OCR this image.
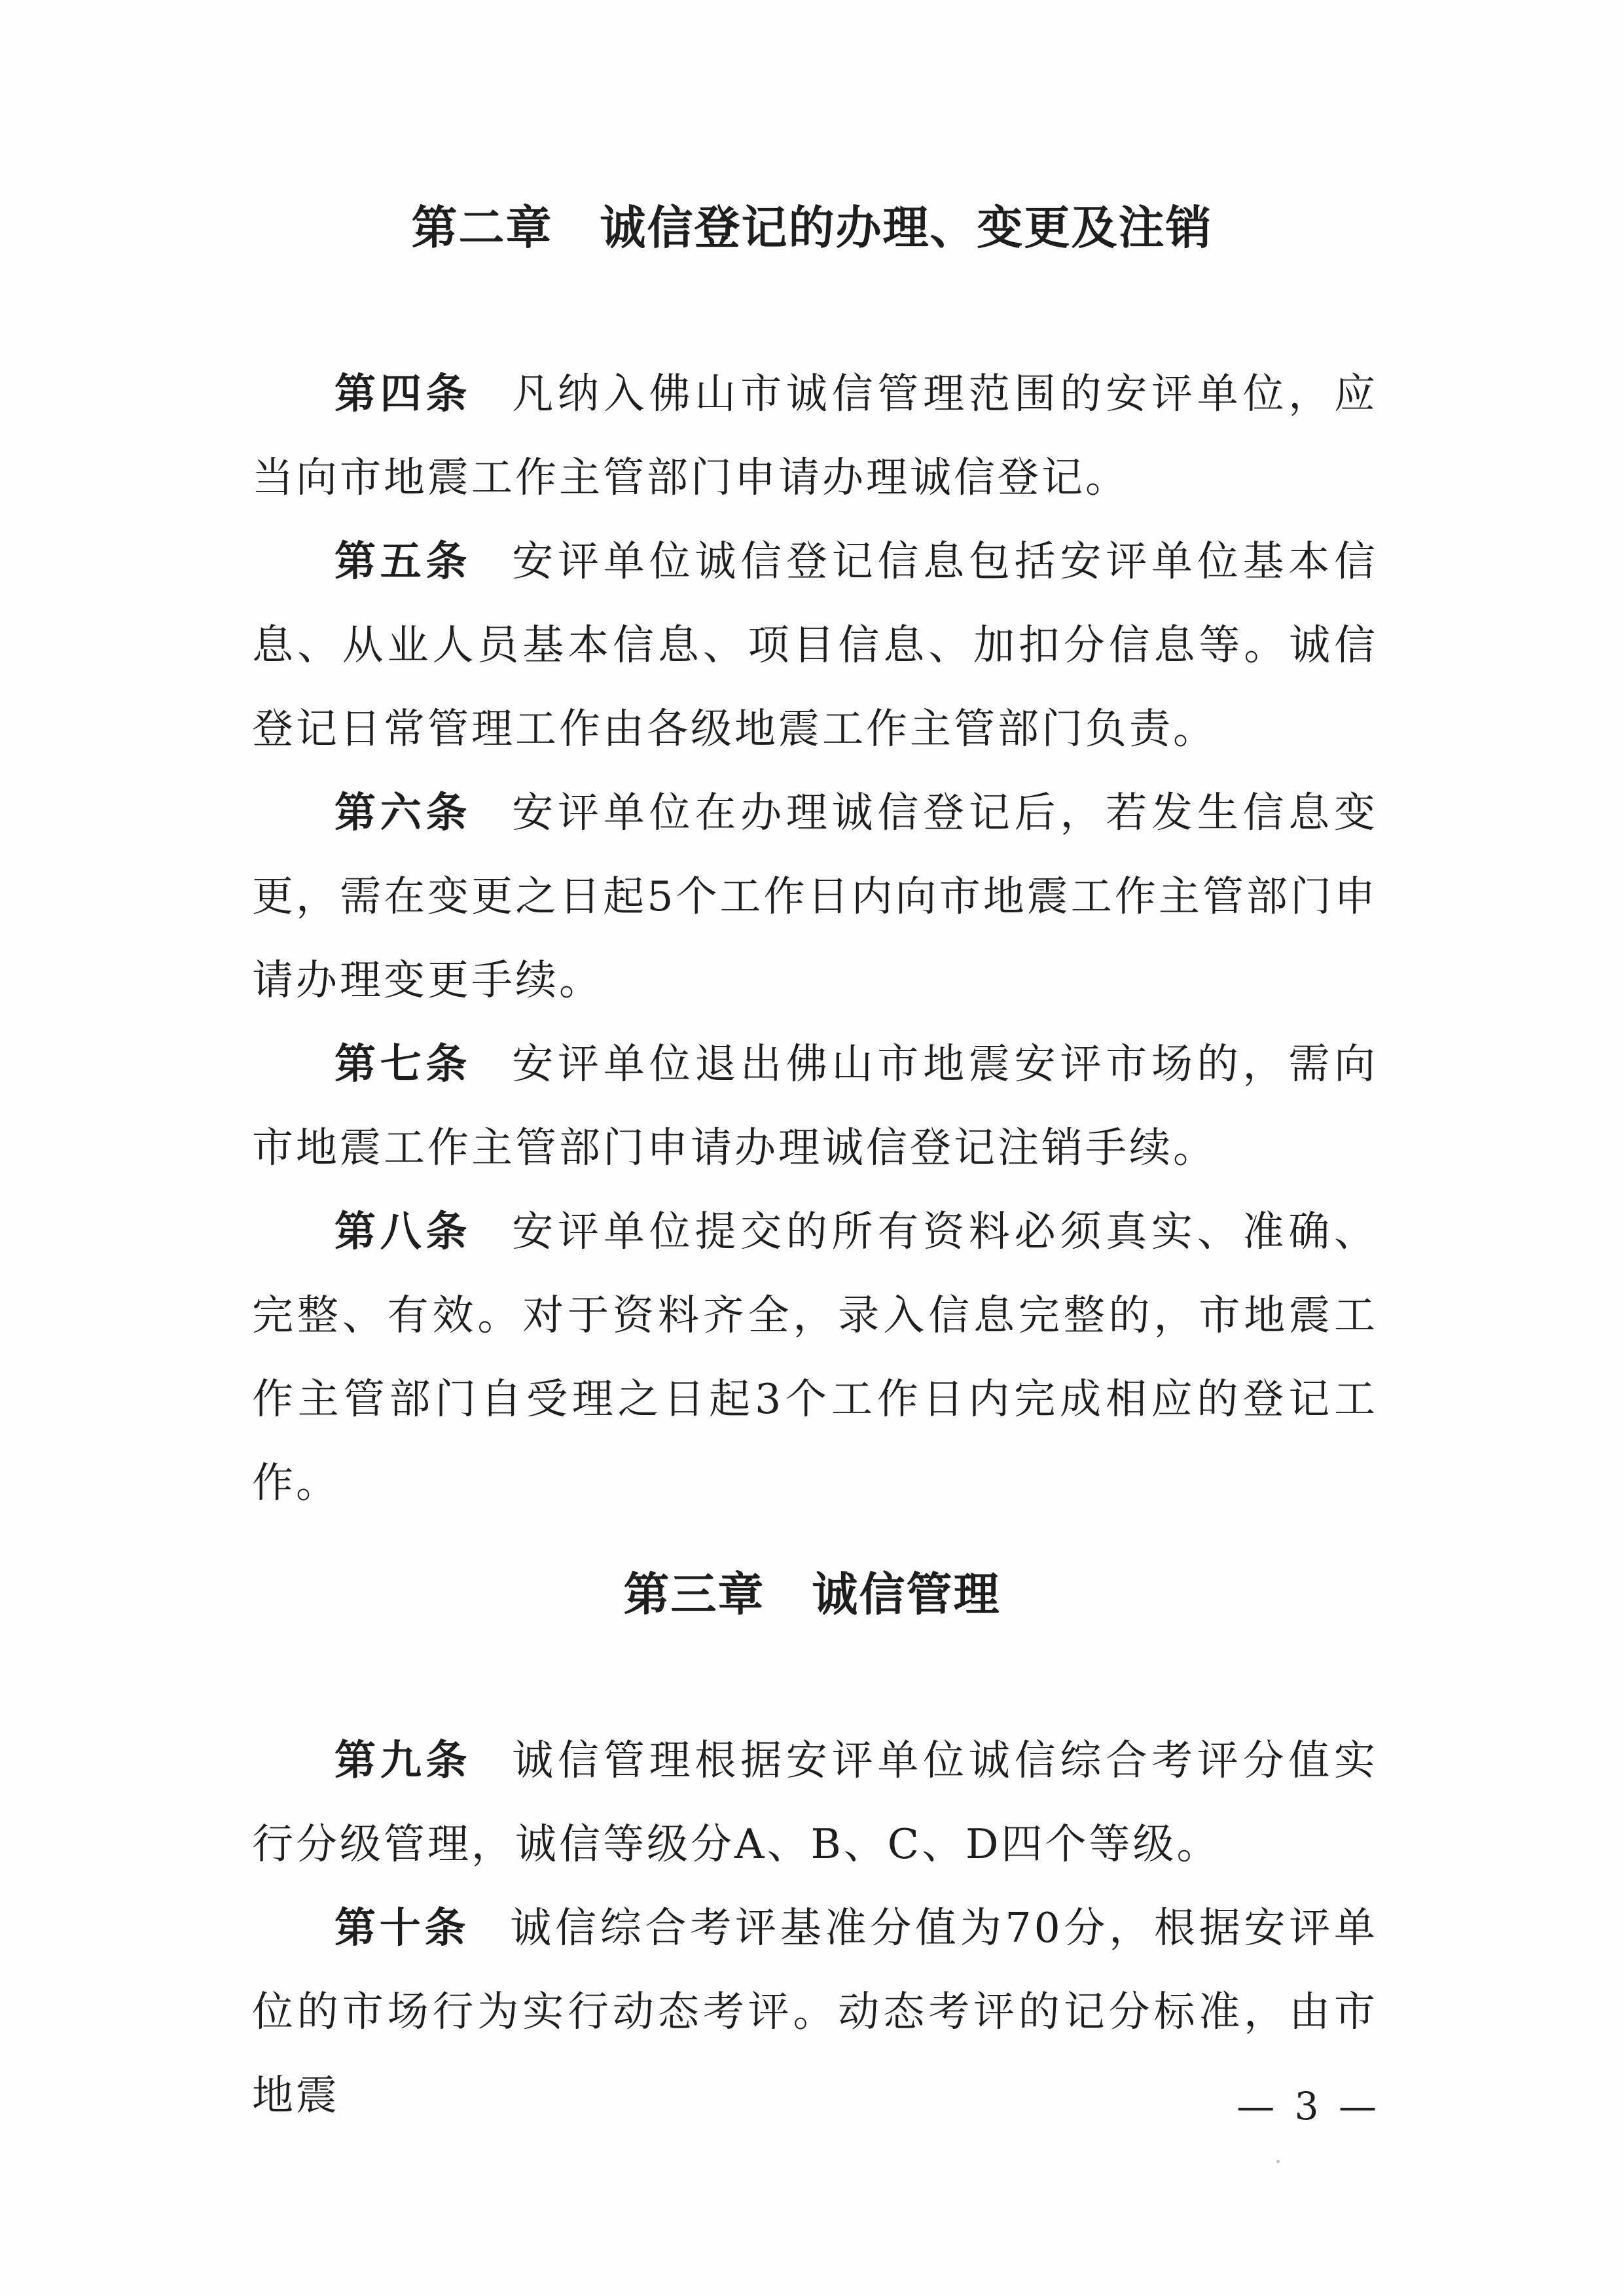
第二章　诚信登记的办理、变更及注销

第四条 凡纳入佛山市诚信管理范围的安评单位，应当向市地震工作主管部门申请办理诚信登记。

第五条 安评单位诚信登记信息包括安评单位基本信息、从业人员基本信息、项目信息、加扣分信息等。诚信登记日常管理工作由各级地震工作主管部门负责。

第六条 安评单位在办理诚信登记后，若发生信息变更，需在变更之日起5个工作日内向市地震工作主管部门申请办理变更手续。

第七条 安评单位退出佛山市地震安评市场的，需向市地震工作主管部门申请办理诚信登记注销手续。

第八条 安评单位提交的所有资料必须真实、准确、完整、有效。对于资料齐全，录入信息完整的，市地震工作主管部门自受理之日起3个工作日内完成相应的登记工作。

第三章　诚信管理

第九条 诚信管理根据安评单位诚信综合考评分值实行分级管理，诚信等级分A、B、C、D四个等级。

第十条 诚信综合考评基准分值为70分，根据安评单位的市场行为实行动态考评。动态考评的记分标准，由市地震	— 3 —
